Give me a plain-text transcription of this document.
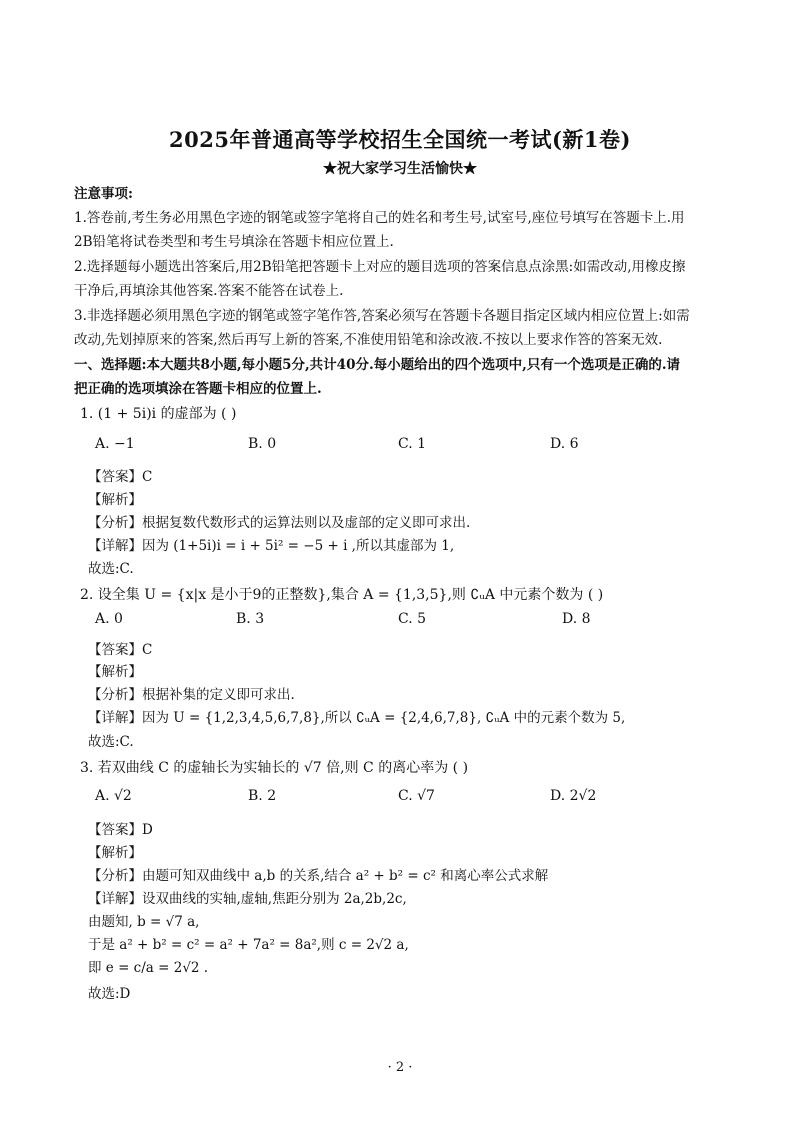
2025年普通高等学校招生全国统一考试(新1卷)
★祝大家学习生活愉快★
注意事项:
1.答卷前,考生务必用黑色字迹的钢笔或签字笔将自己的姓名和考生号,试室号,座位号填写在答题卡上.用
2B铅笔将试卷类型和考生号填涂在答题卡相应位置上.
2.选择题每小题选出答案后,用2B铅笔把答题卡上对应的题目选项的答案信息点涂黑:如需改动,用橡皮擦
干净后,再填涂其他答案.答案不能答在试卷上.
3.非选择题必须用黑色字迹的钢笔或签字笔作答,答案必须写在答题卡各题目指定区域内相应位置上:如需
改动,先划掉原来的答案,然后再写上新的答案,不准使用铅笔和涂改液.不按以上要求作答的答案无效.
一、选择题:本大题共8小题,每小题5分,共计40分.每小题给出的四个选项中,只有一个选项是正确的.请
把正确的选项填涂在答题卡相应的位置上.
1. (1 + 5i)i 的虚部为 ( )
A. −1	B. 0	C. 1	D. 6
【答案】C
【解析】
【分析】根据复数代数形式的运算法则以及虚部的定义即可求出.
【详解】因为 (1+5i)i = i + 5i² = −5 + i ,所以其虚部为 1,
故选:C.
2. 设全集 U = {x|x 是小于9的正整数},集合 A = {1,3,5},则 ∁ᵤA 中元素个数为 ( )
A. 0	B. 3	C. 5	D. 8
【答案】C
【解析】
【分析】根据补集的定义即可求出.
【详解】因为 U = {1,2,3,4,5,6,7,8},所以 ∁ᵤA = {2,4,6,7,8}, ∁ᵤA 中的元素个数为 5,
故选:C.
3. 若双曲线 C 的虚轴长为实轴长的 √7 倍,则 C 的离心率为 ( )
A. √2	B. 2	C. √7	D. 2√2
【答案】D
【解析】
【分析】由题可知双曲线中 a,b 的关系,结合 a² + b² = c² 和离心率公式求解
【详解】设双曲线的实轴,虚轴,焦距分别为 2a,2b,2c,
由题知, b = √7 a,
于是 a² + b² = c² = a² + 7a² = 8a²,则 c = 2√2 a,
即 e = c/a = 2√2 .
故选:D
· 2 ·
